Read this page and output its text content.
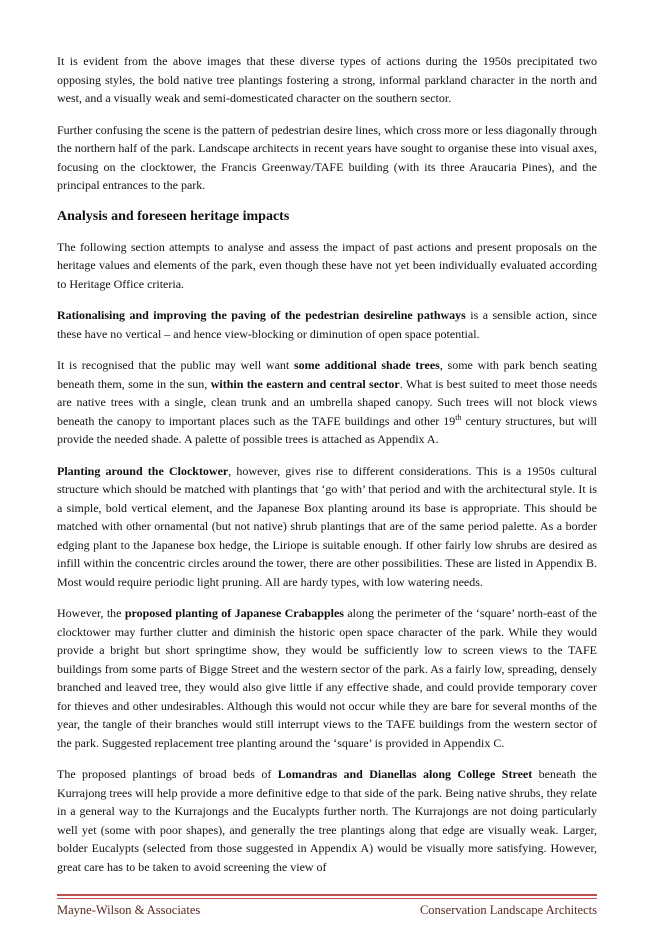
It is evident from the above images that these diverse types of actions during the 1950s precipitated two opposing styles, the bold native tree plantings fostering a strong, informal parkland character in the north and west, and a visually weak and semi-domesticated character on the southern sector.

Further confusing the scene is the pattern of pedestrian desire lines, which cross more or less diagonally through the northern half of the park. Landscape architects in recent years have sought to organise these into visual axes, focusing on the clocktower, the Francis Greenway/TAFE building (with its three Araucaria Pines), and the principal entrances to the park.

Analysis and foreseen heritage impacts

The following section attempts to analyse and assess the impact of past actions and present proposals on the heritage values and elements of the park, even though these have not yet been individually evaluated according to Heritage Office criteria.

Rationalising and improving the paving of the pedestrian desireline pathways is a sensible action, since these have no vertical – and hence view-blocking or diminution of open space potential.

It is recognised that the public may well want some additional shade trees, some with park bench seating beneath them, some in the sun, within the eastern and central sector. What is best suited to meet those needs are native trees with a single, clean trunk and an umbrella shaped canopy. Such trees will not block views beneath the canopy to important places such as the TAFE buildings and other 19th century structures, but will provide the needed shade. A palette of possible trees is attached as Appendix A.

Planting around the Clocktower, however, gives rise to different considerations. This is a 1950s cultural structure which should be matched with plantings that ‘go with’ that period and with the architectural style. It is a simple, bold vertical element, and the Japanese Box planting around its base is appropriate. This should be matched with other ornamental (but not native) shrub plantings that are of the same period palette. As a border edging plant to the Japanese box hedge, the Liriope is suitable enough. If other fairly low shrubs are desired as infill within the concentric circles around the tower, there are other possibilities. These are listed in Appendix B. Most would require periodic light pruning. All are hardy types, with low watering needs.

However, the proposed planting of Japanese Crabapples along the perimeter of the ‘square’ north-east of the clocktower may further clutter and diminish the historic open space character of the park. While they would provide a bright but short springtime show, they would be sufficiently low to screen views to the TAFE buildings from some parts of Bigge Street and the western sector of the park. As a fairly low, spreading, densely branched and leaved tree, they would also give little if any effective shade, and could provide temporary cover for thieves and other undesirables. Although this would not occur while they are bare for several months of the year, the tangle of their branches would still interrupt views to the TAFE buildings from the western sector of the park. Suggested replacement tree planting around the ‘square’ is provided in Appendix C.

The proposed plantings of broad beds of Lomandras and Dianellas along College Street beneath the Kurrajong trees will help provide a more definitive edge to that side of the park. Being native shrubs, they relate in a general way to the Kurrajongs and the Eucalypts further north. The Kurrajongs are not doing particularly well yet (some with poor shapes), and generally the tree plantings along that edge are visually weak. Larger, bolder Eucalypts (selected from those suggested in Appendix A) would be visually more satisfying. However, great care has to be taken to avoid screening the view of

Mayne-Wilson & Associates	Conservation Landscape Architects
